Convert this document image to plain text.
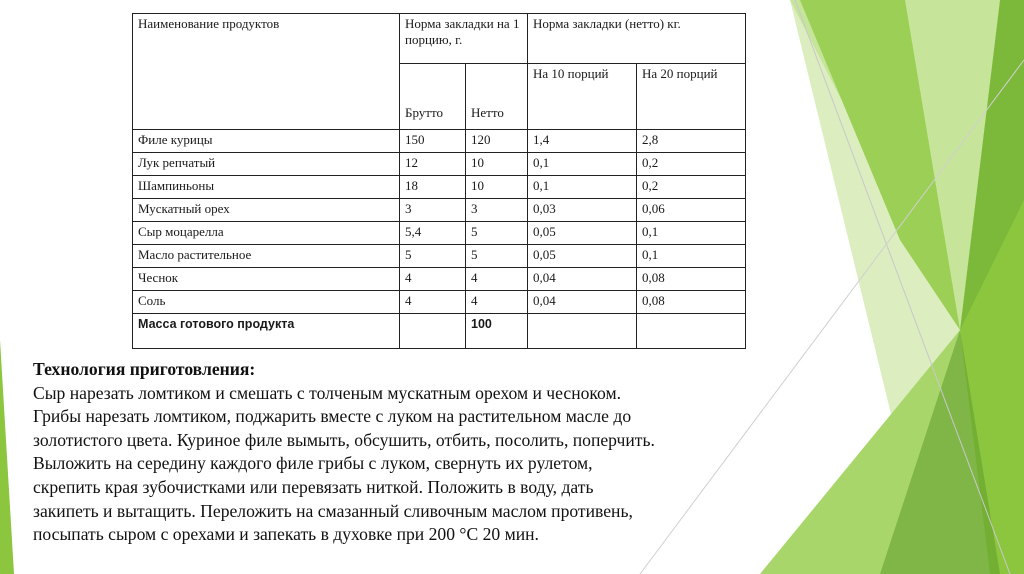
Наименование продуктов	Норма закладки на 1 порцию, г.		Норма закладки (нетто) кг.	
	Брутто	Нетто	На 10 порций	На 20 порций

Филе курицы	150	120	1,4	2,8
Лук репчатый	12	10	0,1	0,2
Шампиньоны	18	10	0,1	0,2
Мускатный орех	3	3	0,03	0,06
Сыр моцарелла	5,4	5	0,05	0,1
Масло растительное	5	5	0,05	0,1
Чеснок	4	4	0,04	0,08
Соль	4	4	0,04	0,08
Масса готового продукта		100		
Технология приготовления:
Сыр нарезать ломтиком и смешать с толченым мускатным орехом и чесноком.
Грибы нарезать ломтиком, поджарить вместе с луком на растительном масле до
золотистого цвета. Куриное филе вымыть, обсушить, отбить, посолить, поперчить.
Выложить на середину каждого филе грибы с луком, свернуть их рулетом,
скрепить края зубочистками или перевязать ниткой. Положить в воду, дать
закипеть и вытащить. Переложить на смазанный сливочным маслом противень,
посыпать сыром с орехами и запекать в духовке при 200 °С 20 мин.
